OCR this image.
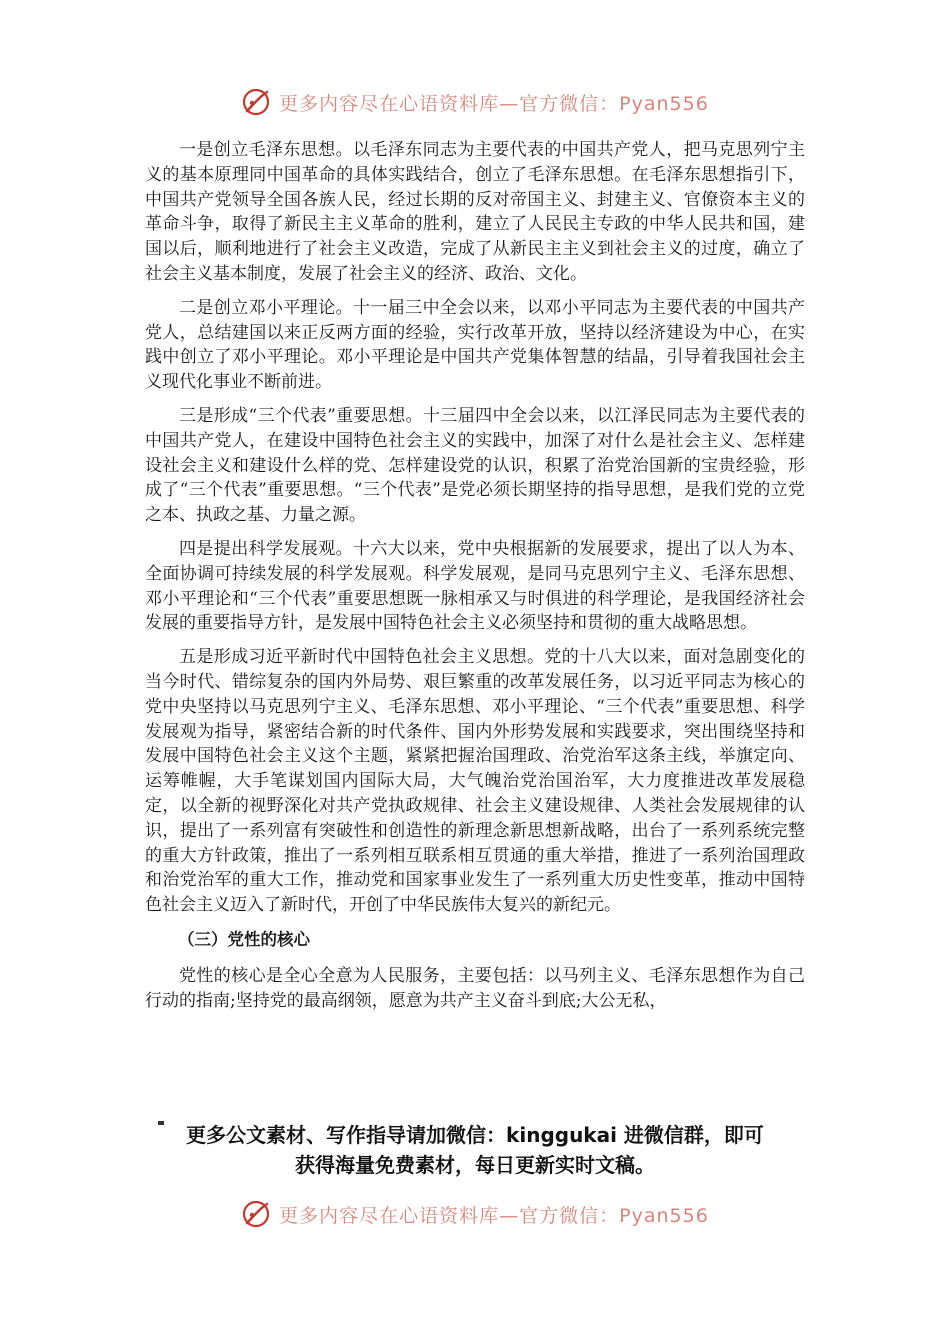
更多内容尽在心语资料库—官方微信：Pyan556

一是创立毛泽东思想。以毛泽东同志为主要代表的中国共产党人，把马克思列宁主义的基本原理同中国革命的具体实践结合，创立了毛泽东思想。在毛泽东思想指引下，中国共产党领导全国各族人民，经过长期的反对帝国主义、封建主义、官僚资本主义的革命斗争，取得了新民主主义革命的胜利，建立了人民民主专政的中华人民共和国，建国以后，顺利地进行了社会主义改造，完成了从新民主主义到社会主义的过度，确立了社会主义基本制度，发展了社会主义的经济、政治、文化。

二是创立邓小平理论。十一届三中全会以来，以邓小平同志为主要代表的中国共产党人，总结建国以来正反两方面的经验，实行改革开放，坚持以经济建设为中心，在实践中创立了邓小平理论。邓小平理论是中国共产党集体智慧的结晶，引导着我国社会主义现代化事业不断前进。

三是形成“三个代表”重要思想。十三届四中全会以来，以江泽民同志为主要代表的中国共产党人，在建设中国特色社会主义的实践中，加深了对什么是社会主义、怎样建设社会主义和建设什么样的党、怎样建设党的认识，积累了治党治国新的宝贵经验，形成了“三个代表”重要思想。“三个代表”是党必须长期坚持的指导思想，是我们党的立党之本、执政之基、力量之源。

四是提出科学发展观。十六大以来，党中央根据新的发展要求，提出了以人为本、全面协调可持续发展的科学发展观。科学发展观，是同马克思列宁主义、毛泽东思想、邓小平理论和“三个代表”重要思想既一脉相承又与时俱进的科学理论，是我国经济社会发展的重要指导方针，是发展中国特色社会主义必须坚持和贯彻的重大战略思想。

五是形成习近平新时代中国特色社会主义思想。党的十八大以来，面对急剧变化的当今时代、错综复杂的国内外局势、艰巨繁重的改革发展任务，以习近平同志为核心的党中央坚持以马克思列宁主义、毛泽东思想、邓小平理论、“三个代表”重要思想、科学发展观为指导，紧密结合新的时代条件、国内外形势发展和实践要求，突出围绕坚持和发展中国特色社会主义这个主题，紧紧把握治国理政、治党治军这条主线，举旗定向、运筹帷幄，大手笔谋划国内国际大局，大气魄治党治国治军，大力度推进改革发展稳定，以全新的视野深化对共产党执政规律、社会主义建设规律、人类社会发展规律的认识，提出了一系列富有突破性和创造性的新理念新思想新战略，出台了一系列系统完整的重大方针政策，推出了一系列相互联系相互贯通的重大举措，推进了一系列治国理政和治党治军的重大工作，推动党和国家事业发生了一系列重大历史性变革，推动中国特色社会主义迈入了新时代，开创了中华民族伟大复兴的新纪元。

（三）党性的核心

党性的核心是全心全意为人民服务，主要包括：以马列主义、毛泽东思想作为自己行动的指南;坚持党的最高纲领，愿意为共产主义奋斗到底;大公无私，

更多公文素材、写作指导请加微信：kinggukai 进微信群，即可
获得海量免费素材，每日更新实时文稿。
更多内容尽在心语资料库—官方微信：Pyan556
